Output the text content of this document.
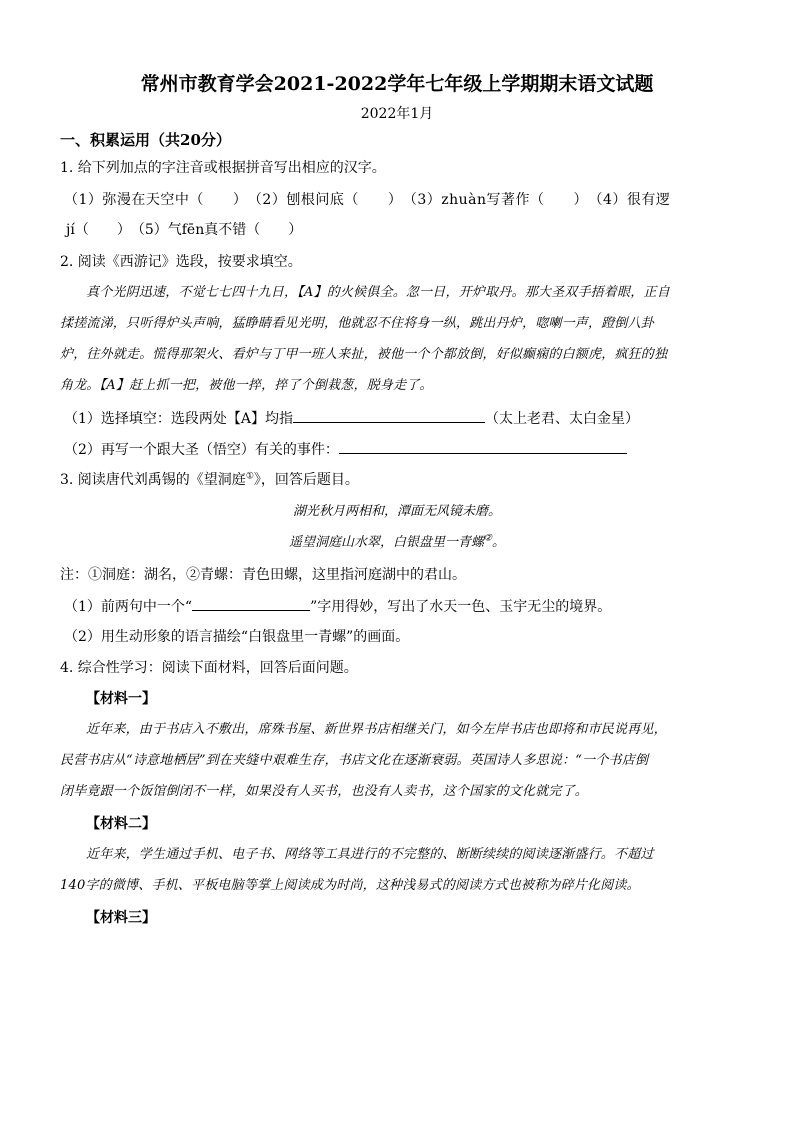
常州市教育学会2021-2022学年七年级上学期期末语文试题
2022年1月
一、积累运用（共20分）
1. 给下列加点的字注音或根据拼音写出相应的汉字。
（1）弥漫在天空中（　　）　（2）刨根问底（　　）　（3）zhuàn写著作（　　）　（4）很有逻
jí（　　）　（5）气fēn真不错（　　）
2. 阅读《西游记》选段，按要求填空。
真个光阴迅速，不觉七七四十九日，【A】的火候俱全。忽一日，开炉取丹。那大圣双手捂着眼，正自
揉搓流涕，只听得炉头声响，猛睁睛看见光明，他就忍不住将身一纵，跳出丹炉，唿喇一声，蹬倒八卦
炉，往外就走。慌得那架火、看炉与丁甲一班人来扯，被他一个个都放倒，好似癫痫的白额虎，疯狂的独
角龙。【A】赶上抓一把，被他一捽，捽了个倒栽葱，脱身走了。
（1）选择填空：选段两处【A】均指	（太上老君、太白金星）
（2）再写一个跟大圣（悟空）有关的事件：
3. 阅读唐代刘禹锡的《望洞庭①》，回答后题目。
湖光秋月两相和，潭面无风镜未磨。
遥望洞庭山水翠，白银盘里一青螺②。
注：①洞庭：湖名，②青螺：青色田螺，这里指河庭湖中的君山。
（1）前两句中一个“	”字用得妙，写出了水天一色、玉宇无尘的境界。
（2）用生动形象的语言描绘“白银盘里一青螺”的画面。
4. 综合性学习：阅读下面材料，回答后面问题。
【材料一】
近年来，由于书店入不敷出，席殊书屋、新世界书店相继关门，如今左岸书店也即将和市民说再见，
民营书店从“诗意地栖居”到在夹缝中艰难生存，书店文化在逐渐衰弱。英国诗人多思说：“一个书店倒
闭毕竟跟一个饭馆倒闭不一样，如果没有人买书，也没有人卖书，这个国家的文化就完了。
【材料二】
近年来，学生通过手机、电子书、网络等工具进行的不完整的、断断续续的阅读逐渐盛行。不超过
140字的微博、手机、平板电脑等掌上阅读成为时尚，这种浅易式的阅读方式也被称为碎片化阅读。
【材料三】
